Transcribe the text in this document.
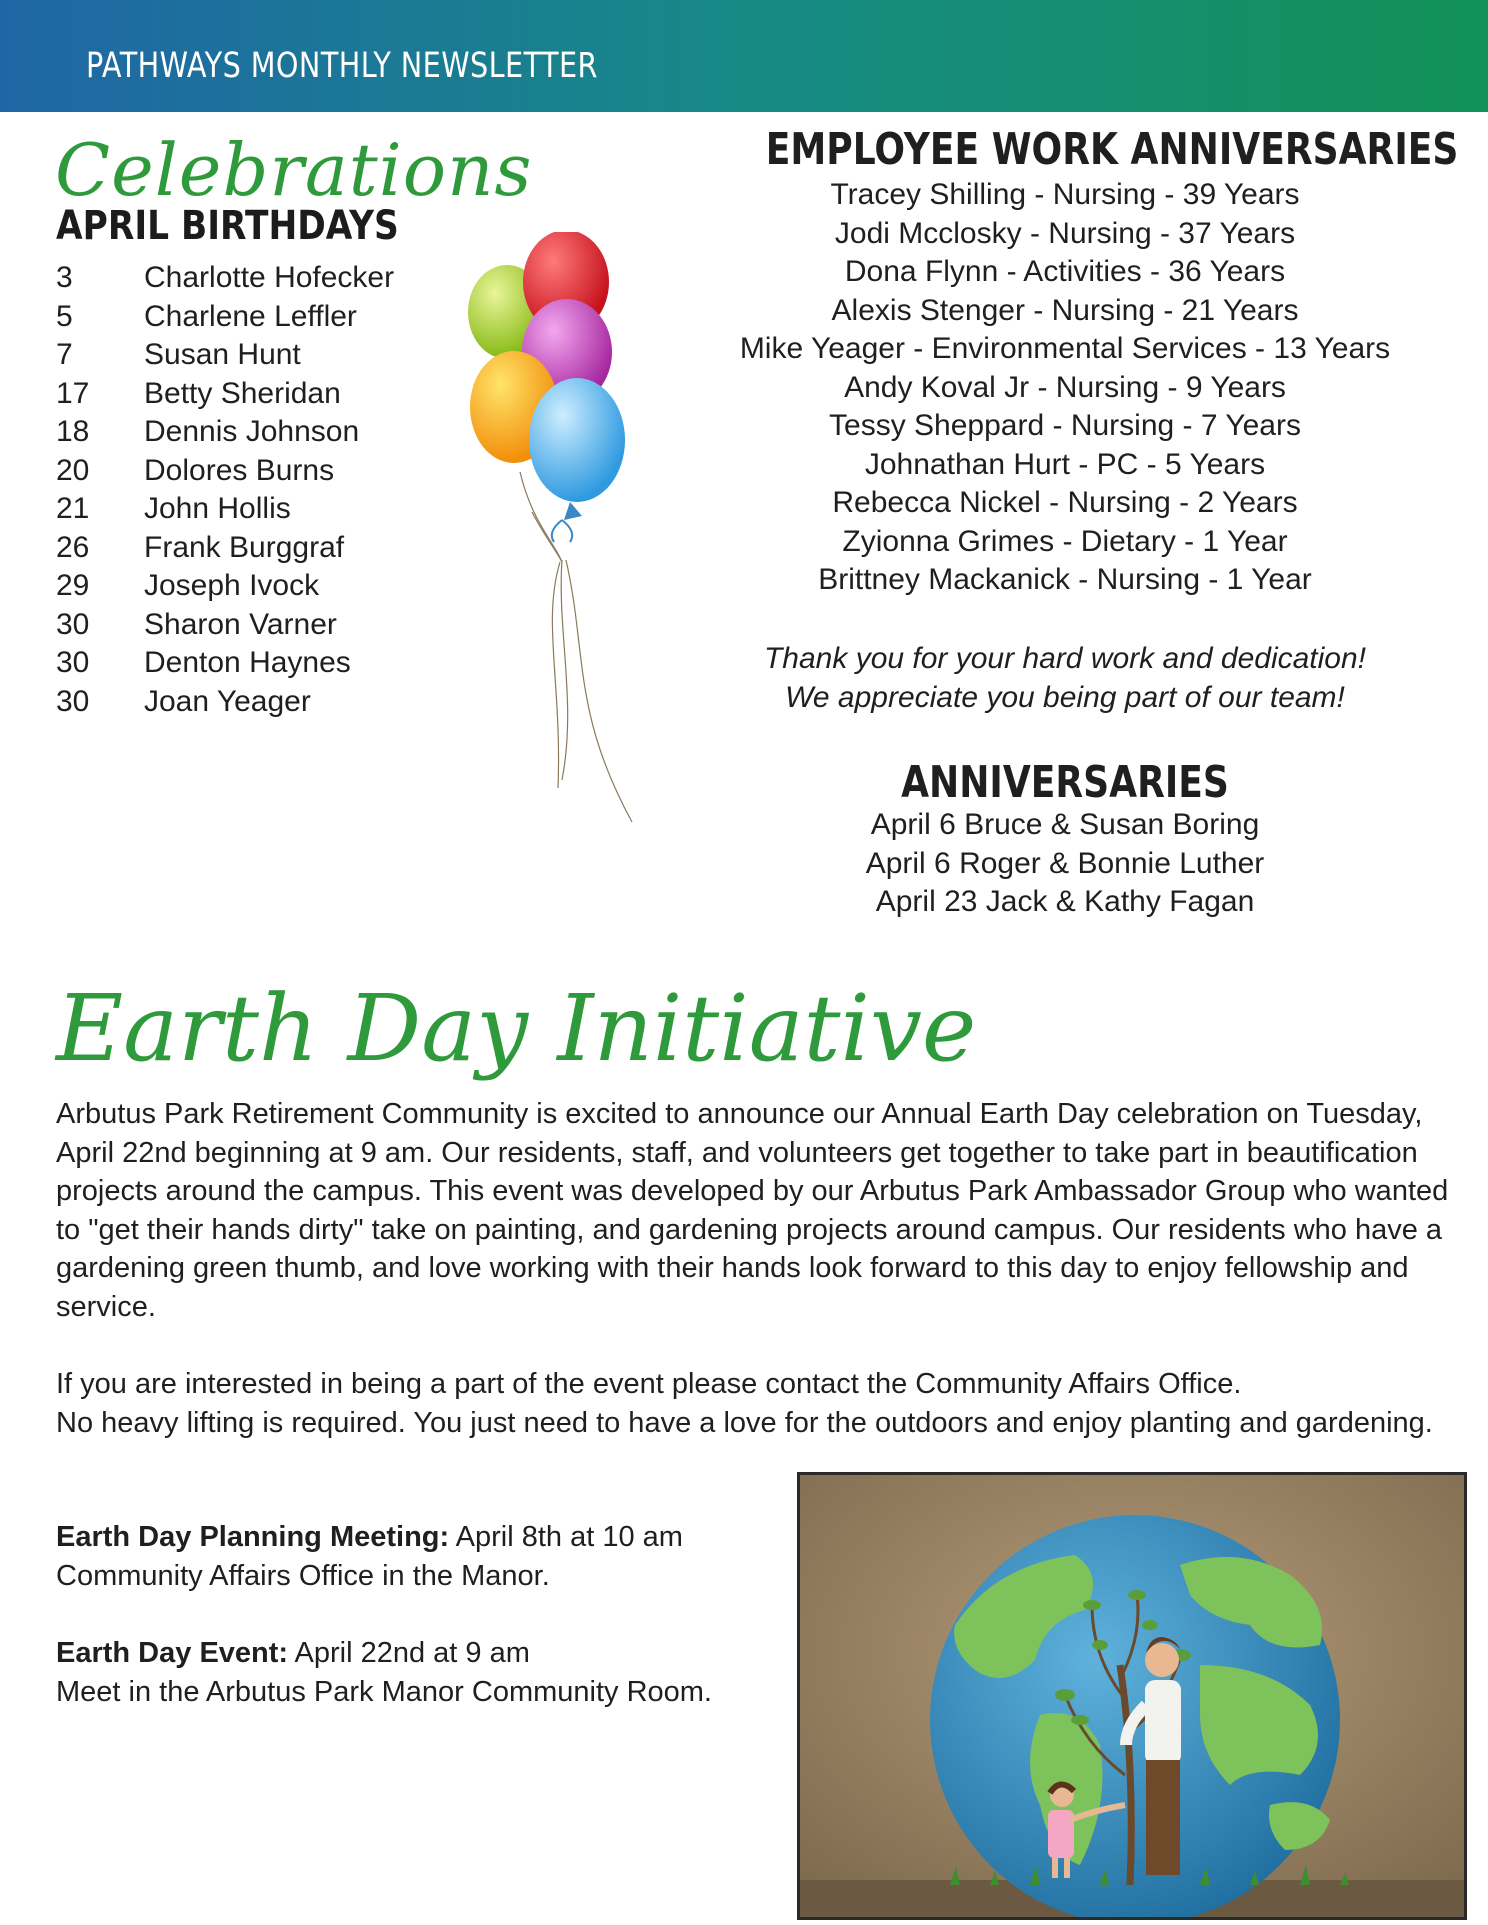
PATHWAYS MONTHLY NEWSLETTER
Celebrations
APRIL BIRTHDAYS
3	Charlotte Hofecker
5	Charlene Leffler
7	Susan Hunt
17	Betty Sheridan
18	Dennis Johnson
20	Dolores Burns
21	John Hollis
26	Frank Burggraf
29	Joseph Ivock
30	Sharon Varner
30	Denton Haynes
30	Joan Yeager
EMPLOYEE WORK ANNIVERSARIES
Tracey Shilling - Nursing - 39 Years
Jodi Mcclosky - Nursing - 37 Years
Dona Flynn - Activities - 36 Years
Alexis Stenger - Nursing - 21 Years
Mike Yeager - Environmental Services - 13 Years
Andy Koval Jr - Nursing - 9 Years
Tessy Sheppard - Nursing - 7 Years
Johnathan Hurt - PC - 5 Years
Rebecca Nickel - Nursing - 2 Years
Zyionna Grimes - Dietary - 1 Year
Brittney Mackanick - Nursing - 1 Year
Thank you for your hard work and dedication!
We appreciate you being part of our team!
ANNIVERSARIES
April 6 Bruce & Susan Boring
April 6 Roger & Bonnie Luther
April 23 Jack & Kathy Fagan
Earth Day Initiative
Arbutus Park Retirement Community is excited to announce our Annual Earth Day celebration on Tuesday, April 22nd beginning at 9 am. Our residents, staff, and volunteers get together to take part in beautification projects around the campus. This event was developed by our Arbutus Park Ambassador Group who wanted to "get their hands dirty" take on painting, and gardening projects around campus. Our residents who have a gardening green thumb, and love working with their hands look forward to this day to enjoy fellowship and service.
If you are interested in being a part of the event please contact the Community Affairs Office.
No heavy lifting is required. You just need to have a love for the outdoors and enjoy planting and gardening.
Earth Day Planning Meeting: April 8th at 10 am
Community Affairs Office in the Manor.
Earth Day Event: April 22nd at 9 am
Meet in the Arbutus Park Manor Community Room.
